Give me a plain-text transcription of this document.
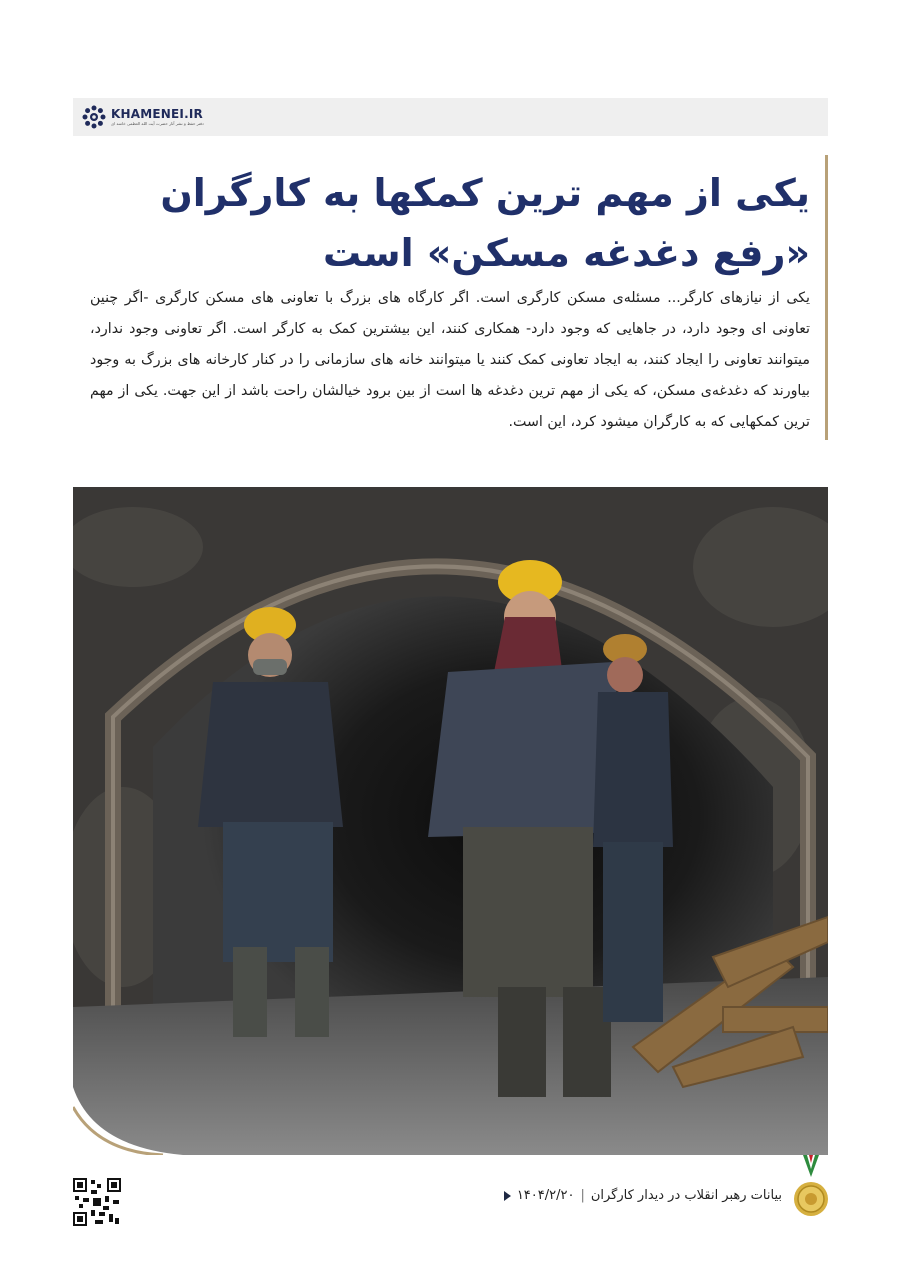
KHAMENEI.IR
دفتر حفظ و نشر آثار حضرت آیت الله العظمی خامنه ای
یکی از مهم ترین کمکها به کارگران
«رفع دغدغه مسکن» است

یکی از نیازهای کارگر... مسئله‌ی مسکن کارگری است. اگر کارگاه های بزرگ با تعاونی های مسکن کارگری -اگر چنین تعاونی ای وجود دارد، در جاهایی که وجود دارد- همکاری کنند، این بیشترین کمک به کارگر است. اگر تعاونی وجود ندارد، میتوانند تعاونی را ایجاد کنند، به ایجاد تعاونی کمک کنند یا میتوانند خانه های سازمانی را در کنار کارخانه های بزرگ به وجود بیاورند که دغدغه‌ی مسکن، که یکی از مهم ترین دغدغه ها است از بین برود خیالشان راحت باشد از این جهت. یکی از مهم ترین کمکهایی که به کارگران میشود کرد، این است.

بیانات رهبر انقلاب در دیدار کارگران
|
۱۴۰۴/۲/۲۰
